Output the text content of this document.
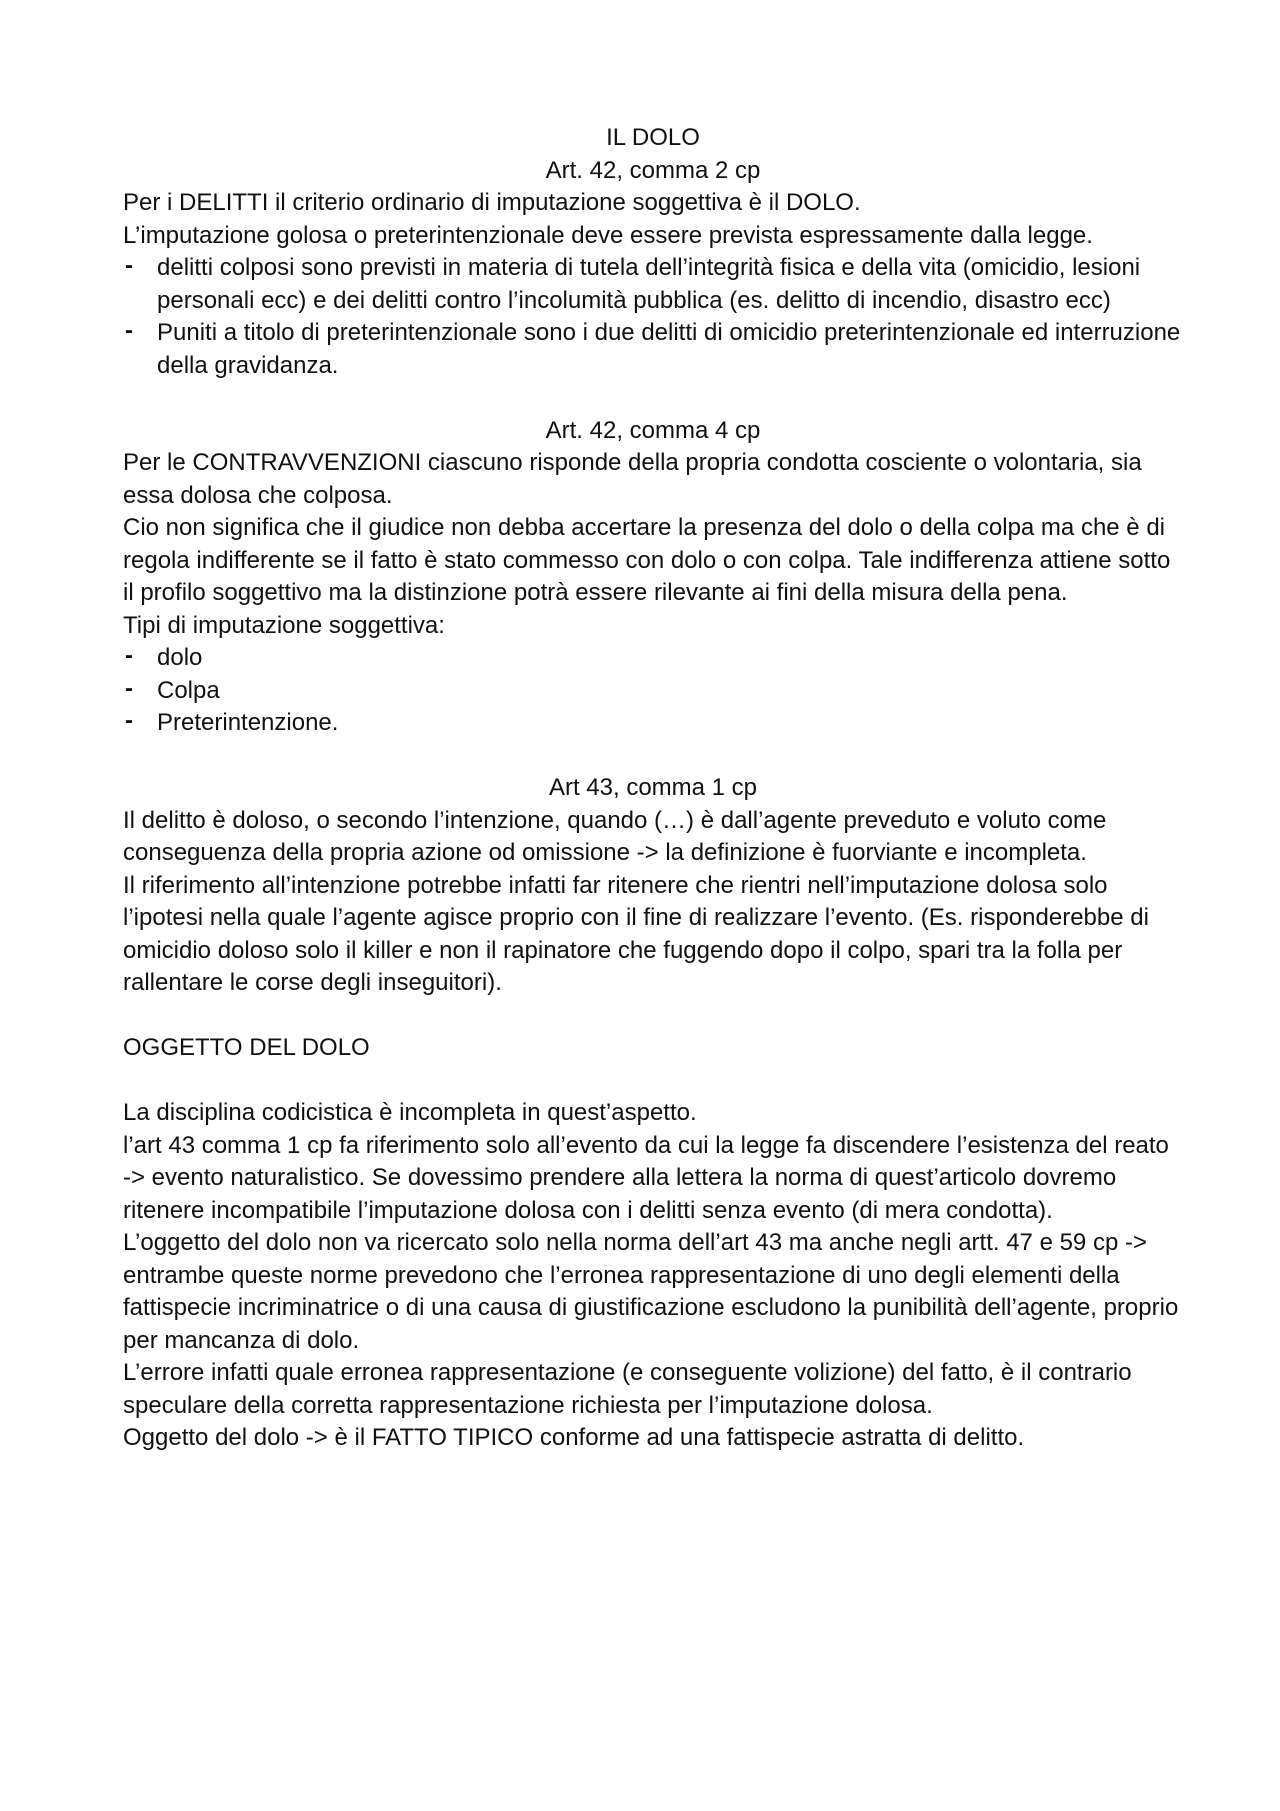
IL DOLO
Art. 42, comma 2 cp

Per i DELITTI il criterio ordinario di imputazione soggettiva è il DOLO.

L’imputazione golosa o preterintenzionale deve essere prevista espressamente dalla legge.

- delitti colposi sono previsti in materia di tutela dell’integrità fisica e della vita (omicidio, lesioni personali ecc) e dei delitti contro l’incolumità pubblica (es. delitto di incendio, disastro ecc)
- Puniti a titolo di preterintenzionale sono i due delitti di omicidio preterintenzionale ed interruzione della gravidanza.
Art. 42, comma 4 cp

Per le CONTRAVVENZIONI ciascuno risponde della propria condotta cosciente o volontaria, sia essa dolosa che colposa.

Cio non significa che il giudice non debba accertare la presenza del dolo o della colpa ma che è di regola indifferente se il fatto è stato commesso con dolo o con colpa. Tale indifferenza attiene sotto il profilo soggettivo ma la distinzione potrà essere rilevante ai fini della misura della pena.

Tipi di imputazione soggettiva:

- dolo
- Colpa
- Preterintenzione.
Art 43, comma 1 cp

Il delitto è doloso, o secondo l’intenzione, quando (…) è dall’agente preveduto e voluto come conseguenza della propria azione od omissione -> la definizione è fuorviante e incompleta.

Il riferimento all’intenzione potrebbe infatti far ritenere che rientri nell’imputazione dolosa solo l’ipotesi nella quale l’agente agisce proprio con il fine di realizzare l’evento. (Es. risponderebbe di omicidio doloso solo il killer e non il rapinatore che fuggendo dopo il colpo, spari tra la folla per rallentare le corse degli inseguitori).

OGGETTO DEL DOLO

La disciplina codicistica è incompleta in quest’aspetto.

l’art 43 comma 1 cp fa riferimento solo all’evento da cui la legge fa discendere l’esistenza del reato -> evento naturalistico. Se dovessimo prendere alla lettera la norma di quest’articolo dovremo ritenere incompatibile l’imputazione dolosa con i delitti senza evento (di mera condotta).

L’oggetto del dolo non va ricercato solo nella norma dell’art 43 ma anche negli artt. 47 e 59 cp -> entrambe queste norme prevedono che l’erronea rappresentazione di uno degli elementi della fattispecie incriminatrice o di una causa di giustificazione escludono la punibilità dell’agente, proprio per mancanza di dolo.

L’errore infatti quale erronea rappresentazione (e conseguente volizione) del fatto, è il contrario speculare della corretta rappresentazione richiesta per l’imputazione dolosa.

Oggetto del dolo -> è il FATTO TIPICO conforme ad una fattispecie astratta di delitto.
